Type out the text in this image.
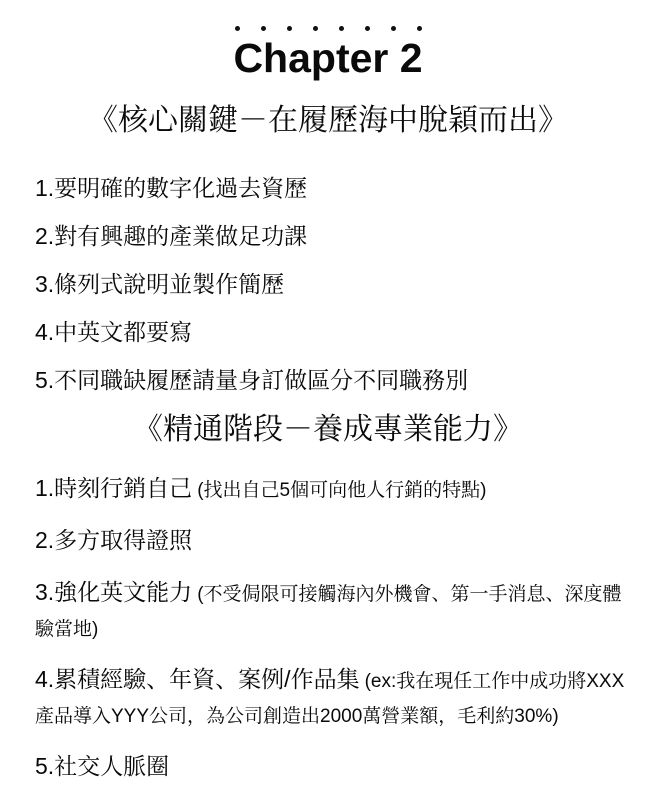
Chapter 2
《核心關鍵－在履歷海中脫穎而出》

1.要明確的數字化過去資歷

2.對有興趣的產業做足功課

3.條列式說明並製作簡歷

4.中英文都要寫

5.不同職缺履歷請量身訂做區分不同職務別

《精通階段－養成專業能力》

1.時刻行銷自己 (找出自己5個可向他人行銷的特點)

2.多方取得證照

3.強化英文能力 (不受侷限可接觸海內外機會、第一手消息、深度體驗當地)

4.累積經驗、年資、案例/作品集 (ex:我在現任工作中成功將XXX產品導入YYY公司，為公司創造出2000萬營業額，毛利約30%)

5.社交人脈圈
